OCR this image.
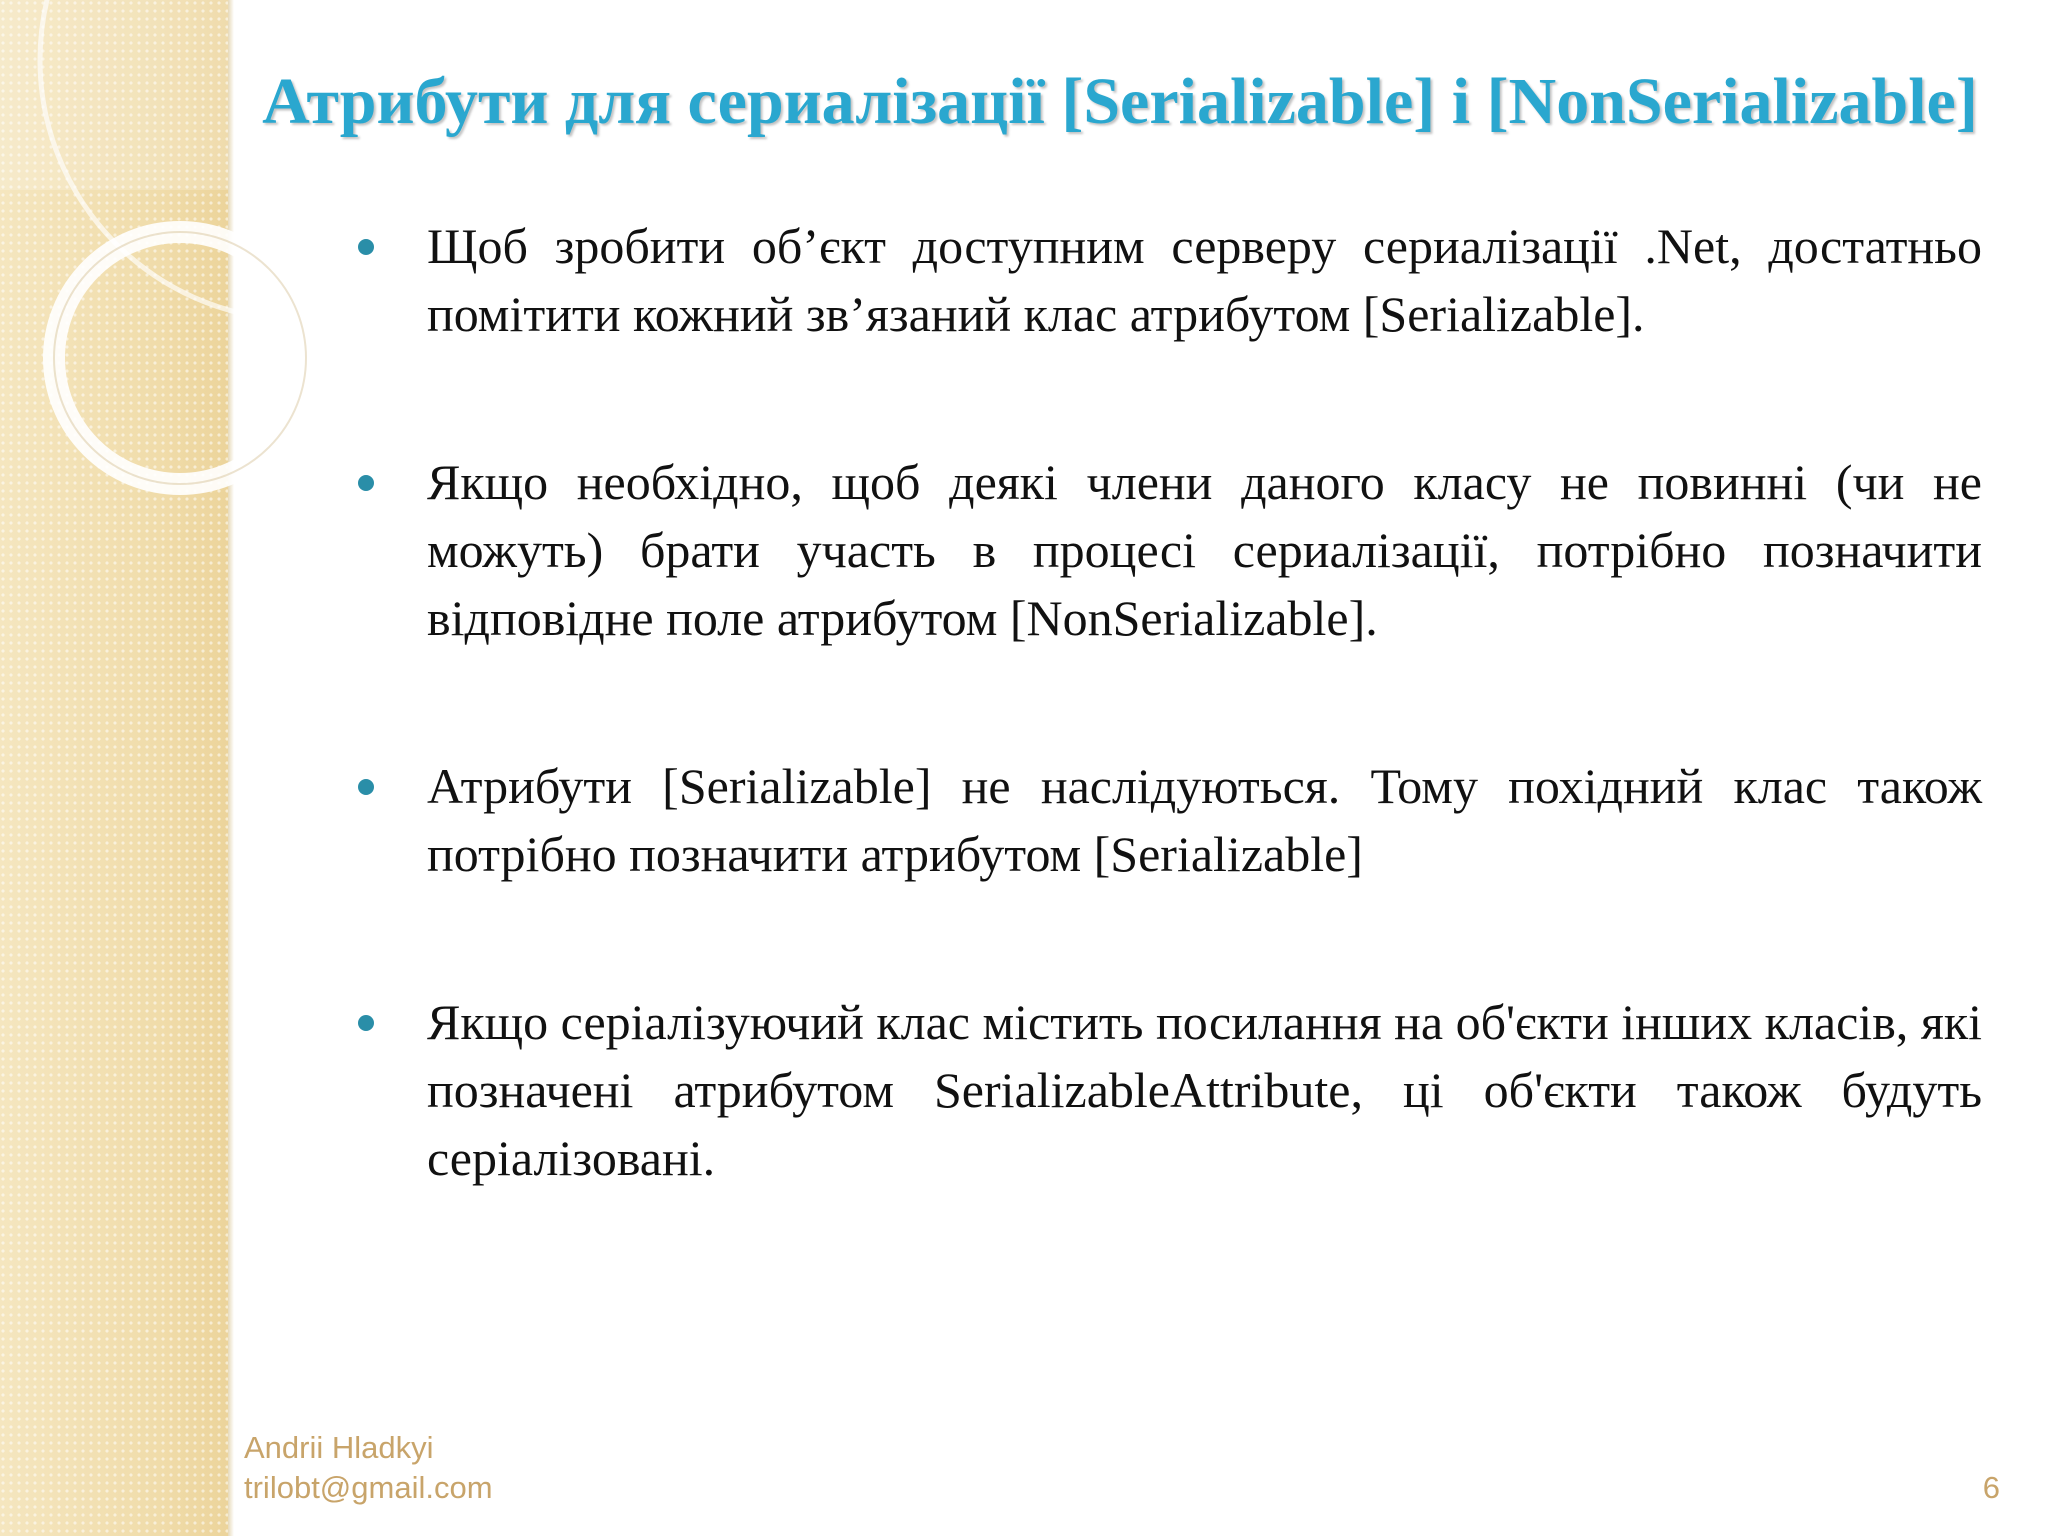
Атрибути для сериалізації [Serializable] і [NonSerializable]
Щоб зробити об’єкт доступним серверу сериалізації .Net, достатньо помітити кожний зв’язаний клас атрибутом [Serializable].
Якщо необхідно, щоб деякі члени даного класу не повинні (чи не можуть) брати участь в процесі сериалізації, потрібно позначити відповідне поле атрибутом [NonSerializable].
Атрибути [Serializable] не наслідуються. Тому похідний клас також потрібно позначити атрибутом [Serializable]
Якщо серіалізуючий клас містить посилання на об'єкти інших класів, які позначені атрибутом SerializableAttribute, ці об'єкти також будуть серіалізовані.
Andrii Hladkyi
trilobt@gmail.com	6
